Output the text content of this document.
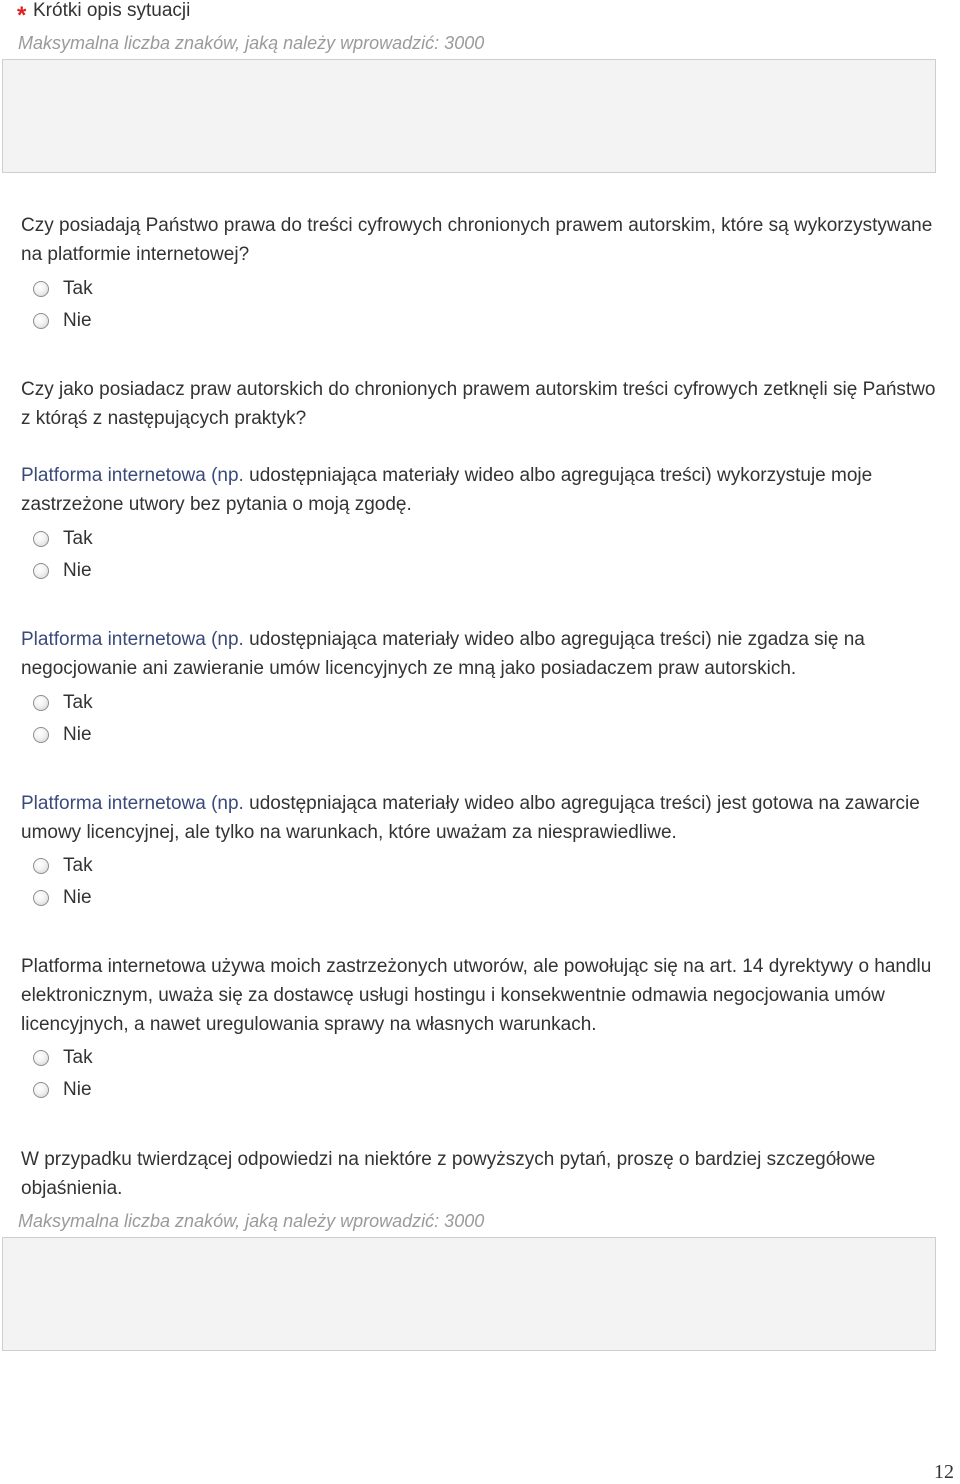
* Krótki opis sytuacji
Maksymalna liczba znaków, jaką należy wprowadzić: 3000
Czy posiadają Państwo prawa do treści cyfrowych chronionych prawem autorskim, które są wykorzystywane na platformie internetowej?
Tak
Nie
Czy jako posiadacz praw autorskich do chronionych prawem autorskim treści cyfrowych zetknęli się Państwo z którąś z następujących praktyk?
Platforma internetowa (np. udostępniająca materiały wideo albo agregująca treści) wykorzystuje moje zastrzeżone utwory bez pytania o moją zgodę.
Tak
Nie
Platforma internetowa (np. udostępniająca materiały wideo albo agregująca treści) nie zgadza się na negocjowanie ani zawieranie umów licencyjnych ze mną jako posiadaczem praw autorskich.
Tak
Nie
Platforma internetowa (np. udostępniająca materiały wideo albo agregująca treści) jest gotowa na zawarcie umowy licencyjnej, ale tylko na warunkach, które uważam za niesprawiedliwe.
Tak
Nie
Platforma internetowa używa moich zastrzeżonych utworów, ale powołując się na art. 14 dyrektywy o handlu elektronicznym, uważa się za dostawcę usługi hostingu i konsekwentnie odmawia negocjowania umów licencyjnych, a nawet uregulowania sprawy na własnych warunkach.
Tak
Nie
W przypadku twierdzącej odpowiedzi na niektóre z powyższych pytań, proszę o bardziej szczegółowe objaśnienia.
Maksymalna liczba znaków, jaką należy wprowadzić: 3000
12
